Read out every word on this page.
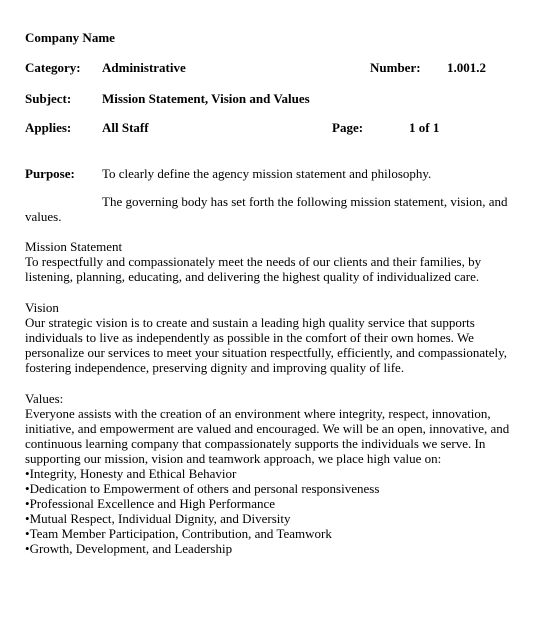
Company Name
Category: Administrative	Number: 1.001.2
Subject: Mission Statement, Vision and Values
Applies: All Staff	Page:	1 of 1
Purpose: To clearly define the agency mission statement and philosophy.
The governing body has set forth the following mission statement, vision, and values.

Mission Statement

To respectfully and compassionately meet the needs of our clients and their families, by listening, planning, educating, and delivering the highest quality of individualized care.

Vision

Our strategic vision is to create and sustain a leading high quality service that supports individuals to live as independently as possible in the comfort of their own homes. We personalize our services to meet your situation respectfully, efficiently, and compassionately, fostering independence, preserving dignity and improving quality of life.

Values:

Everyone assists with the creation of an environment where integrity, respect, innovation, initiative, and empowerment are valued and encouraged. We will be an open, innovative, and continuous learning company that compassionately supports the individuals we serve. In supporting our mission, vision and teamwork approach, we place high value on:

• Integrity, Honesty and Ethical Behavior
• Dedication to Empowerment of others and personal responsiveness
• Professional Excellence and High Performance
• Mutual Respect, Individual Dignity, and Diversity
• Team Member Participation, Contribution, and Teamwork
• Growth, Development, and Leadership
